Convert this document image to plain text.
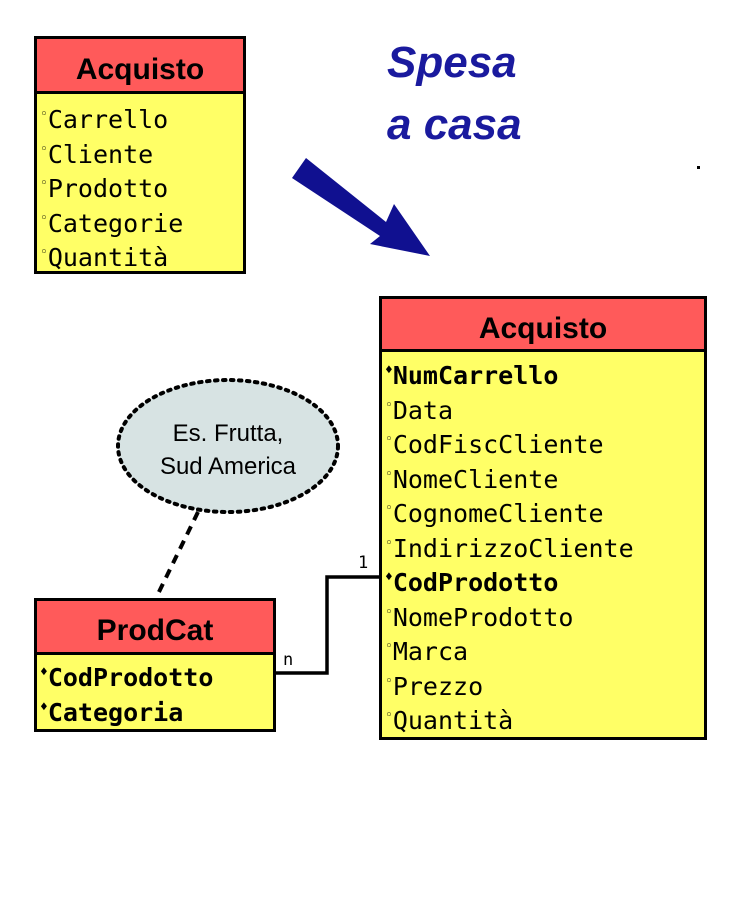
Acquisto
◦Carrello
◦Cliente
◦Prodotto
◦Categorie
◦Quantità
Spesa
a casa
Acquisto
♦NumCarrello
◦Data
◦CodFiscCliente
◦NomeCliente
◦CognomeCliente
◦IndirizzoCliente
♦CodProdotto
◦NomeProdotto
◦Marca
◦Prezzo
◦Quantità
ProdCat
♦CodProdotto
♦Categoria
1
n
Es. Frutta,
Sud America
